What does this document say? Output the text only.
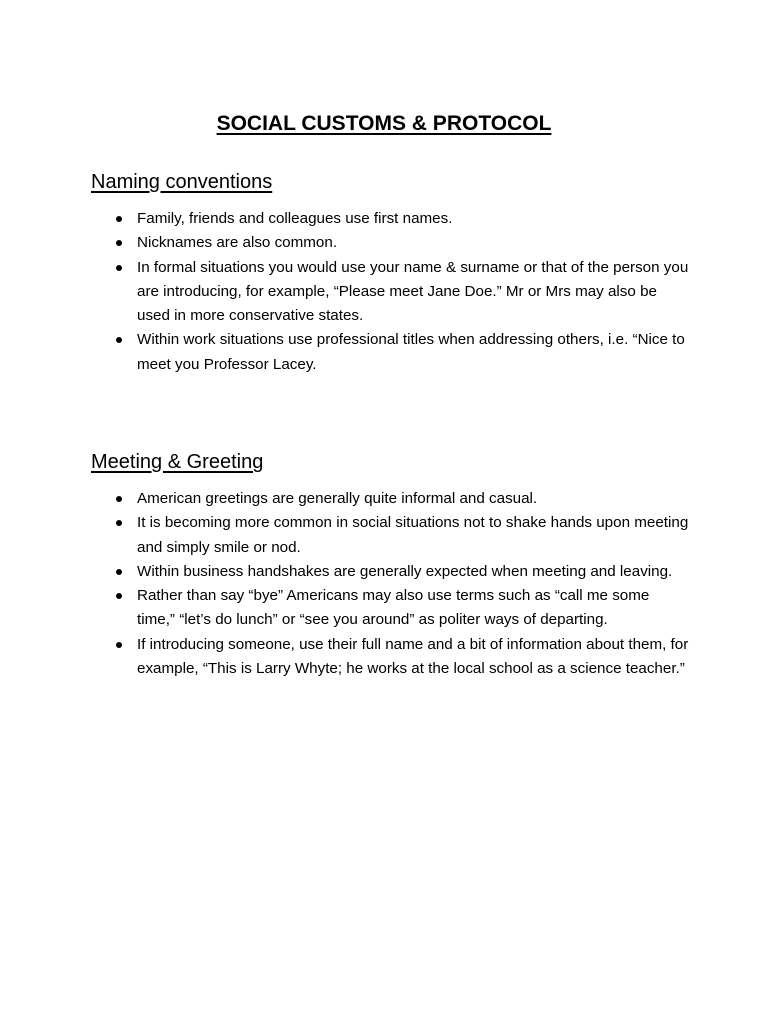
SOCIAL CUSTOMS & PROTOCOL
Naming conventions
Family, friends and colleagues use first names.
Nicknames are also common.
In formal situations you would use your name & surname or that of the person you are introducing, for example, “Please meet Jane Doe.” Mr or Mrs may also be used in more conservative states.
Within work situations use professional titles when addressing others, i.e. “Nice to meet you Professor Lacey.
Meeting & Greeting
American greetings are generally quite informal and casual.
It is becoming more common in social situations not to shake hands upon meeting and simply smile or nod.
Within business handshakes are generally expected when meeting and leaving.
Rather than say “bye” Americans may also use terms such as “call me some time,” “let’s do lunch” or “see you around” as politer ways of departing.
If introducing someone, use their full name and a bit of information about them, for example, “This is Larry Whyte; he works at the local school as a science teacher.”
